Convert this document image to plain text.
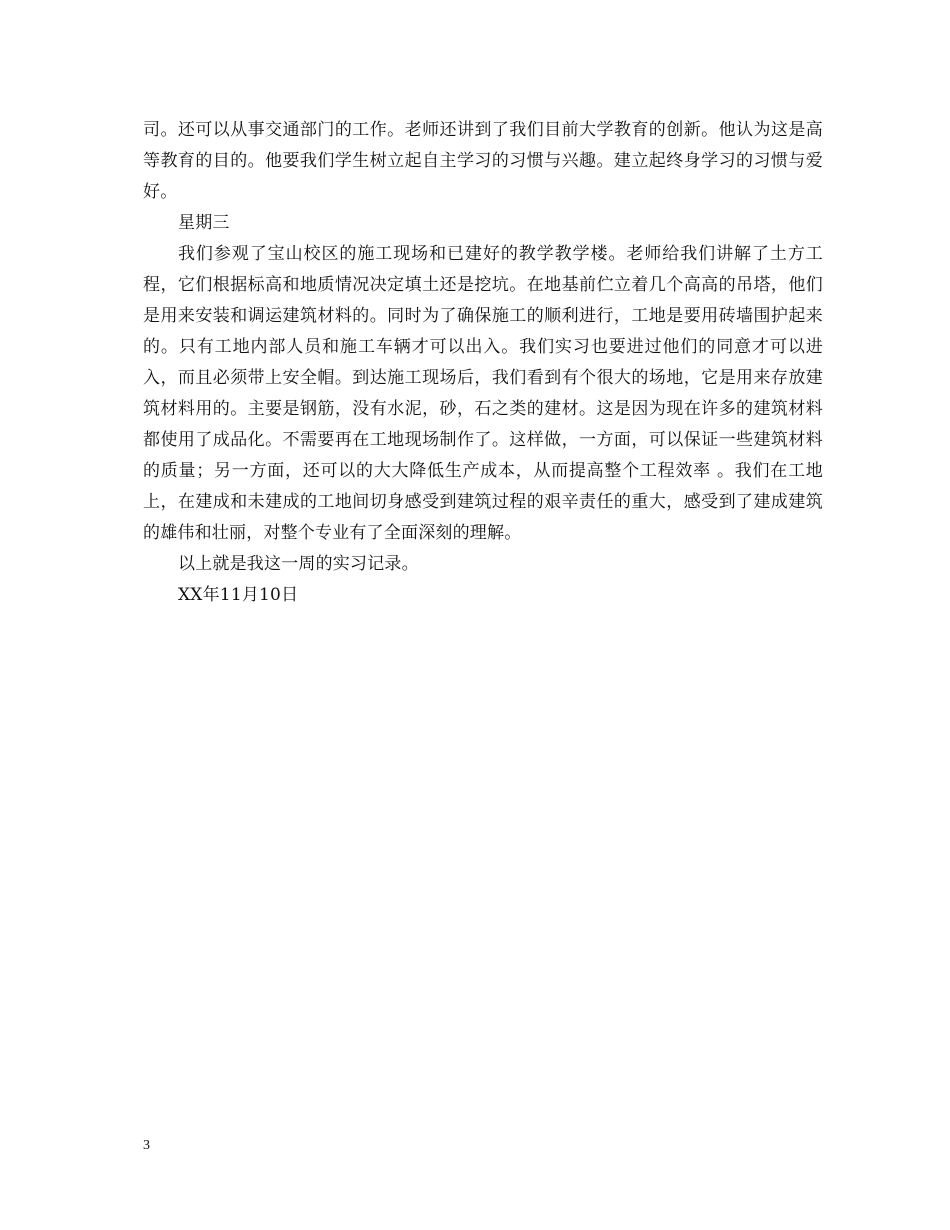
司。还可以从事交通部门的工作。老师还讲到了我们目前大学教育的创新。他认为这是高等教育的目的。他要我们学生树立起自主学习的习惯与兴趣。建立起终身学习的习惯与爱好。

星期三

我们参观了宝山校区的施工现场和已建好的教学教学楼。老师给我们讲解了土方工程，它们根据标高和地质情况决定填土还是挖坑。在地基前伫立着几个高高的吊塔，他们是用来安装和调运建筑材料的。同时为了确保施工的顺利进行，工地是要用砖墙围护起来的。只有工地内部人员和施工车辆才可以出入。我们实习也要进过他们的同意才可以进入，而且必须带上安全帽。到达施工现场后，我们看到有个很大的场地，它是用来存放建筑材料用的。主要是钢筋，没有水泥，砂，石之类的建材。这是因为现在许多的建筑材料都使用了成品化。不需要再在工地现场制作了。这样做，一方面，可以保证一些建筑材料的质量；另一方面，还可以的大大降低生产成本，从而提高整个工程效率 。我们在工地上，在建成和未建成的工地间切身感受到建筑过程的艰辛责任的重大，感受到了建成建筑的雄伟和壮丽，对整个专业有了全面深刻的理解。

以上就是我这一周的实习记录。

XX年11月10日

3
